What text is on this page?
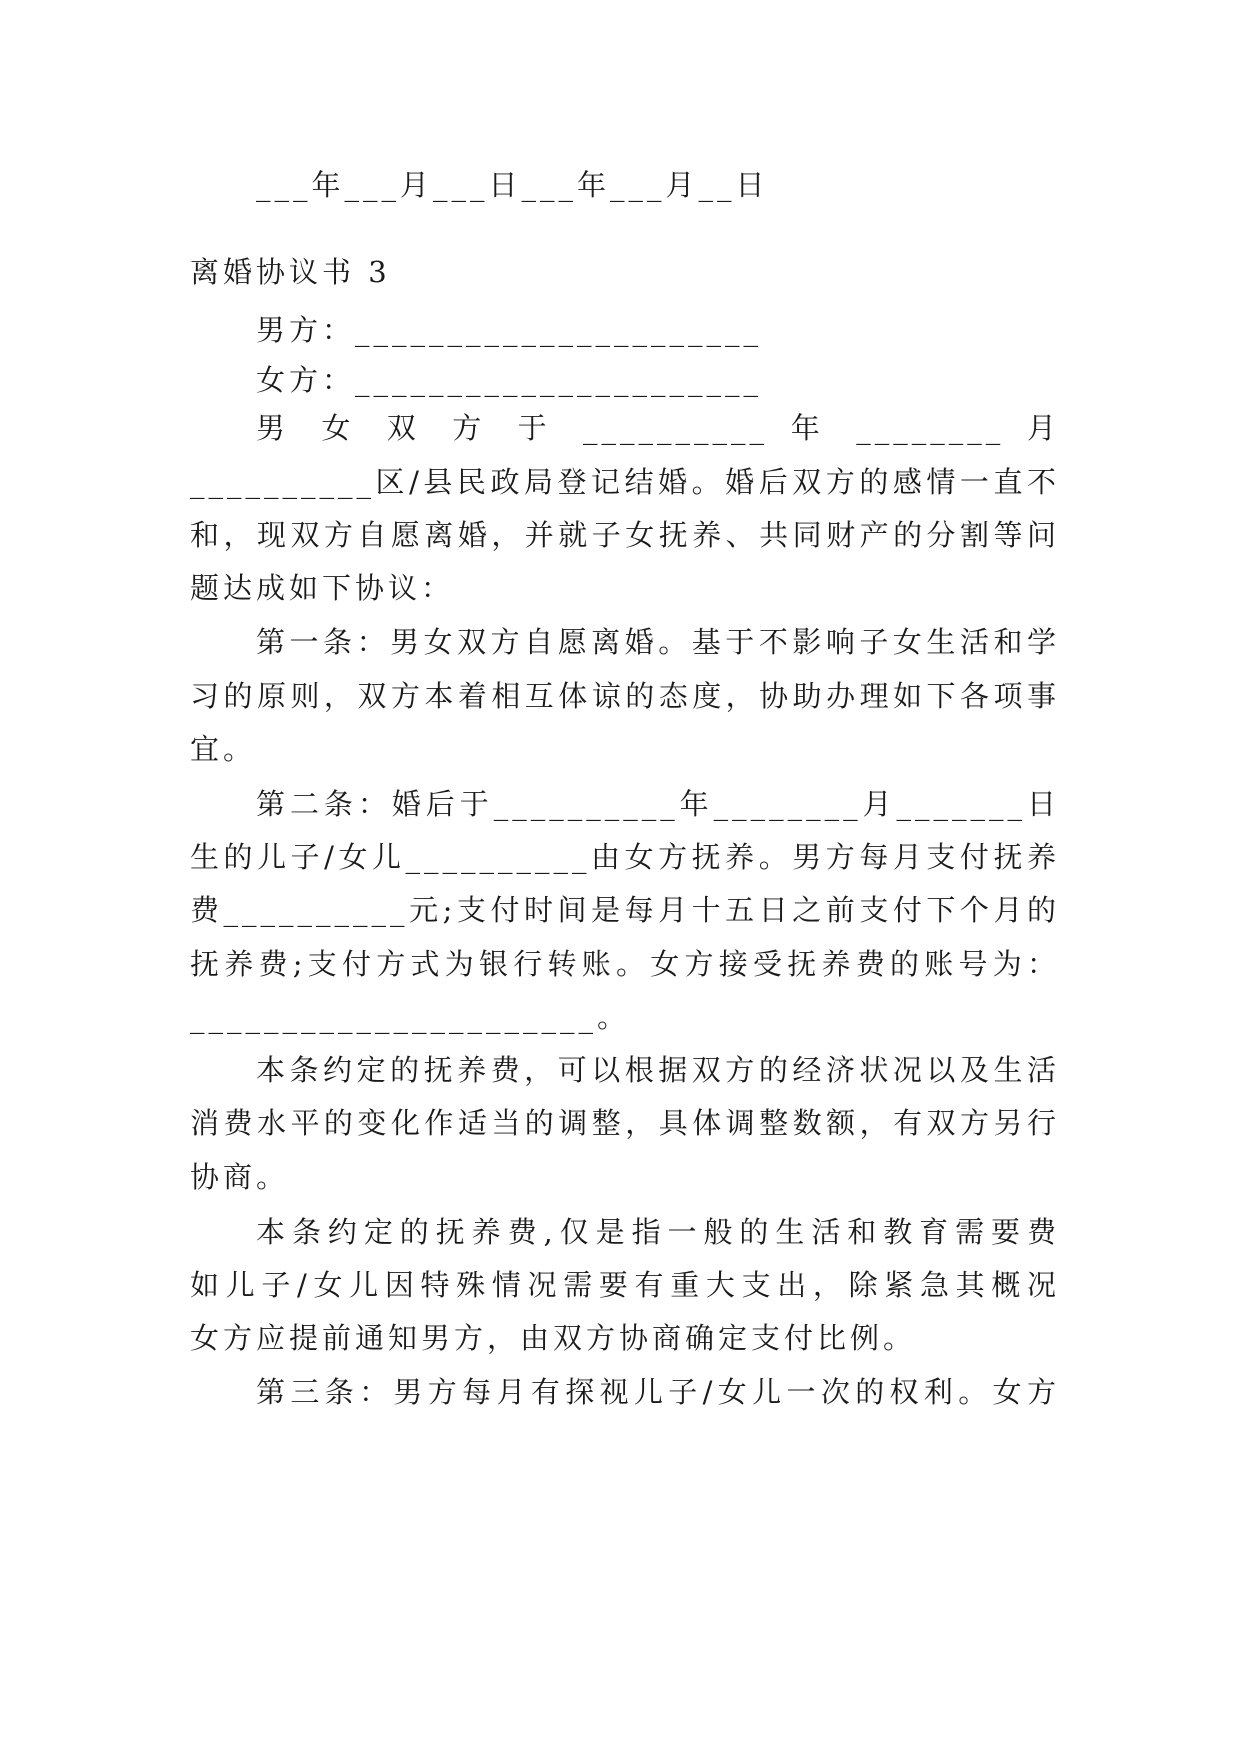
___年___月___日___年___月__日
离婚协议书 3
男方：______________________
女方：______________________
男 女 双 方 于 __________ 年 ________ 月
__________区/县民政局登记结婚。婚后双方的感情一直不
和，现双方自愿离婚，并就子女抚养、共同财产的分割等问
题达成如下协议：
第一条：男女双方自愿离婚。基于不影响子女生活和学
习的原则，双方本着相互体谅的态度，协助办理如下各项事
宜。
第二条：婚后于__________年________月_______日
生的儿子/女儿__________由女方抚养。男方每月支付抚养
费__________元;支付时间是每月十五日之前支付下个月的
抚养费;支付方式为银行转账。女方接受抚养费的账号为：
______________________。
本条约定的抚养费，可以根据双方的经济状况以及生活
消费水平的变化作适当的调整，具体调整数额，有双方另行
协商。
本条约定的抚养费,仅是指一般的生活和教育需要费
如儿子/女儿因特殊情况需要有重大支出，除紧急其概况
女方应提前通知男方，由双方协商确定支付比例。
第三条：男方每月有探视儿子/女儿一次的权利。女方
